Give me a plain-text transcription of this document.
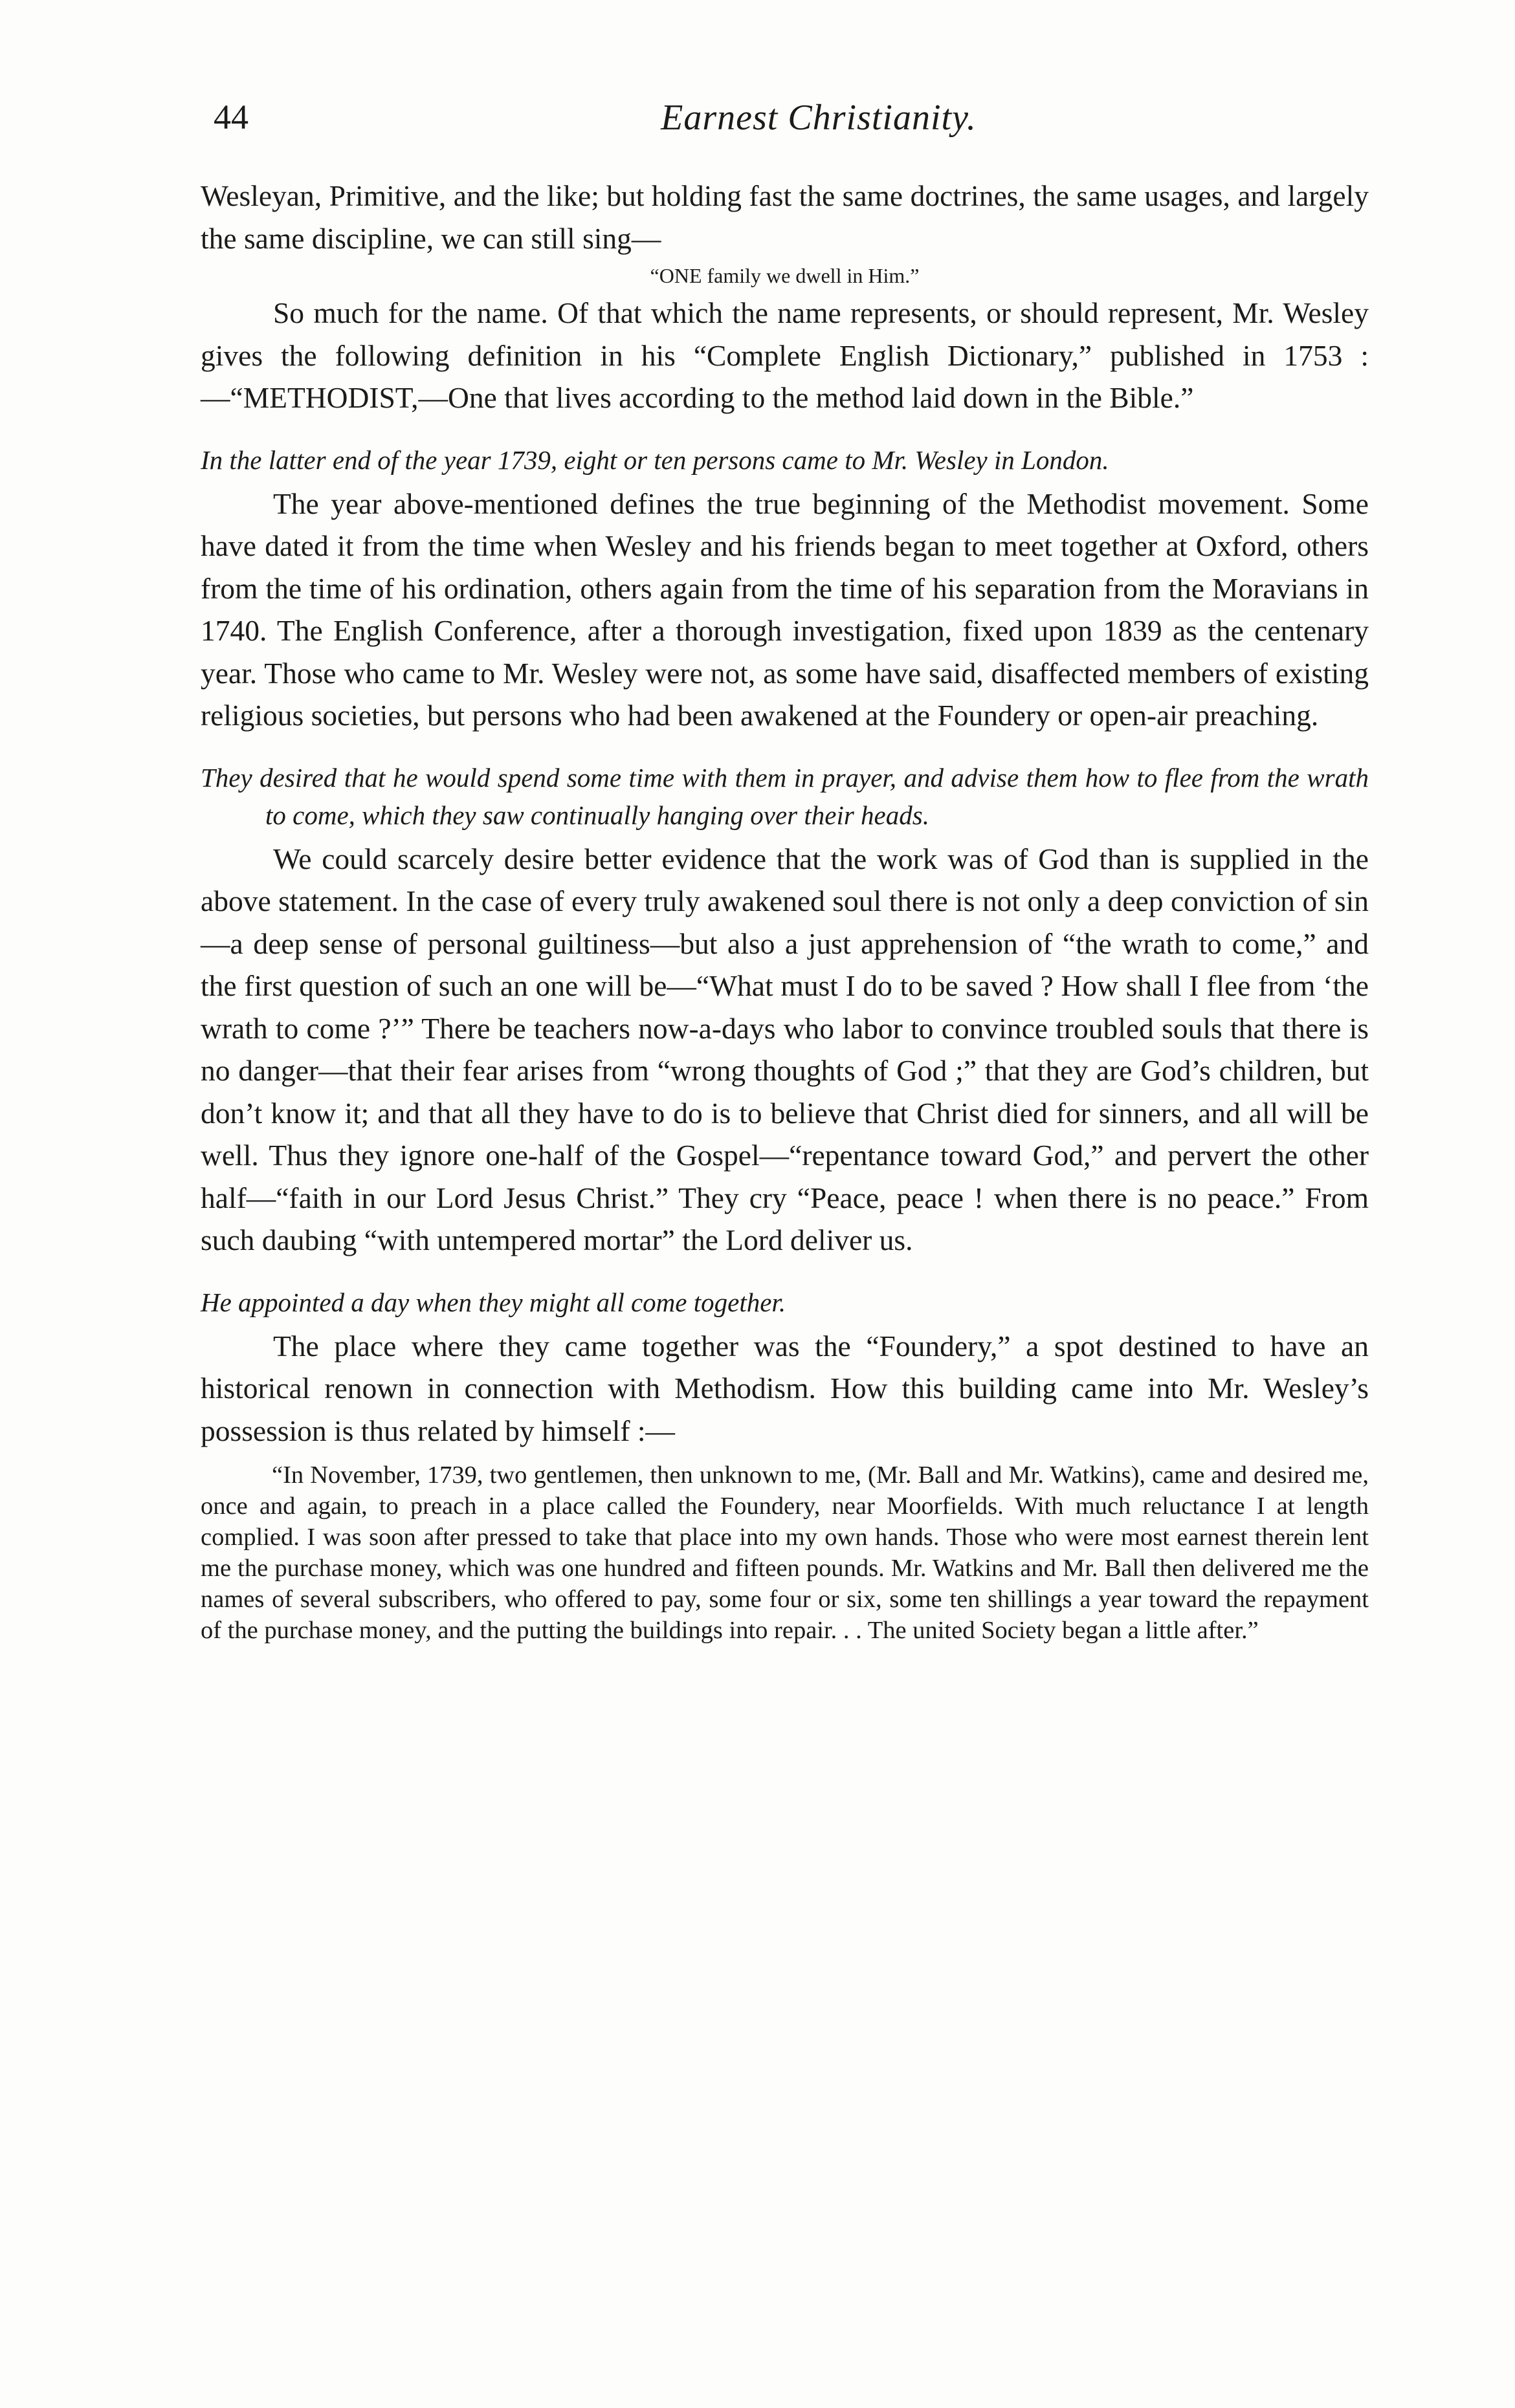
44	Earnest Christianity.

Wesleyan, Primitive, and the like; but holding fast the same doctrines, the same usages, and largely the same discipline, we can still sing—

“ONE family we dwell in Him.”

So much for the name. Of that which the name represents, or should represent, Mr. Wesley gives the following definition in his “Complete English Dictionary,” published in 1753 :—“METHODIST,—One that lives according to the method laid down in the Bible.”

In the latter end of the year 1739, eight or ten persons came to Mr. Wesley in London.

The year above-mentioned defines the true beginning of the Methodist movement. Some have dated it from the time when Wesley and his friends began to meet together at Oxford, others from the time of his ordination, others again from the time of his separation from the Moravians in 1740. The English Conference, after a thorough investigation, fixed upon 1839 as the centenary year. Those who came to Mr. Wesley were not, as some have said, disaffected members of existing religious societies, but persons who had been awakened at the Foundery or open-air preaching.

They desired that he would spend some time with them in prayer, and advise them how to flee from the wrath to come, which they saw continually hanging over their heads.

We could scarcely desire better evidence that the work was of God than is supplied in the above statement. In the case of every truly awakened soul there is not only a deep conviction of sin—a deep sense of personal guiltiness—but also a just apprehension of “the wrath to come,” and the first question of such an one will be—“What must I do to be saved ? How shall I flee from ‘the wrath to come ?’” There be teachers now-a-days who labor to convince troubled souls that there is no danger—that their fear arises from “wrong thoughts of God ;” that they are God’s children, but don’t know it; and that all they have to do is to believe that Christ died for sinners, and all will be well. Thus they ignore one-half of the Gospel—“repentance toward God,” and pervert the other half—“faith in our Lord Jesus Christ.” They cry “Peace, peace ! when there is no peace.” From such daubing “with untempered mortar” the Lord deliver us.

He appointed a day when they might all come together.

The place where they came together was the “Foundery,” a spot destined to have an historical renown in connection with Methodism. How this building came into Mr. Wesley’s possession is thus related by himself :—

“In November, 1739, two gentlemen, then unknown to me, (Mr. Ball and Mr. Watkins), came and desired me, once and again, to preach in a place called the Foundery, near Moorfields. With much reluctance I at length complied. I was soon after pressed to take that place into my own hands. Those who were most earnest therein lent me the purchase money, which was one hundred and fifteen pounds. Mr. Watkins and Mr. Ball then delivered me the names of several subscribers, who offered to pay, some four or six, some ten shillings a year toward the repayment of the purchase money, and the putting the buildings into repair. . . The united Society began a little after.”
